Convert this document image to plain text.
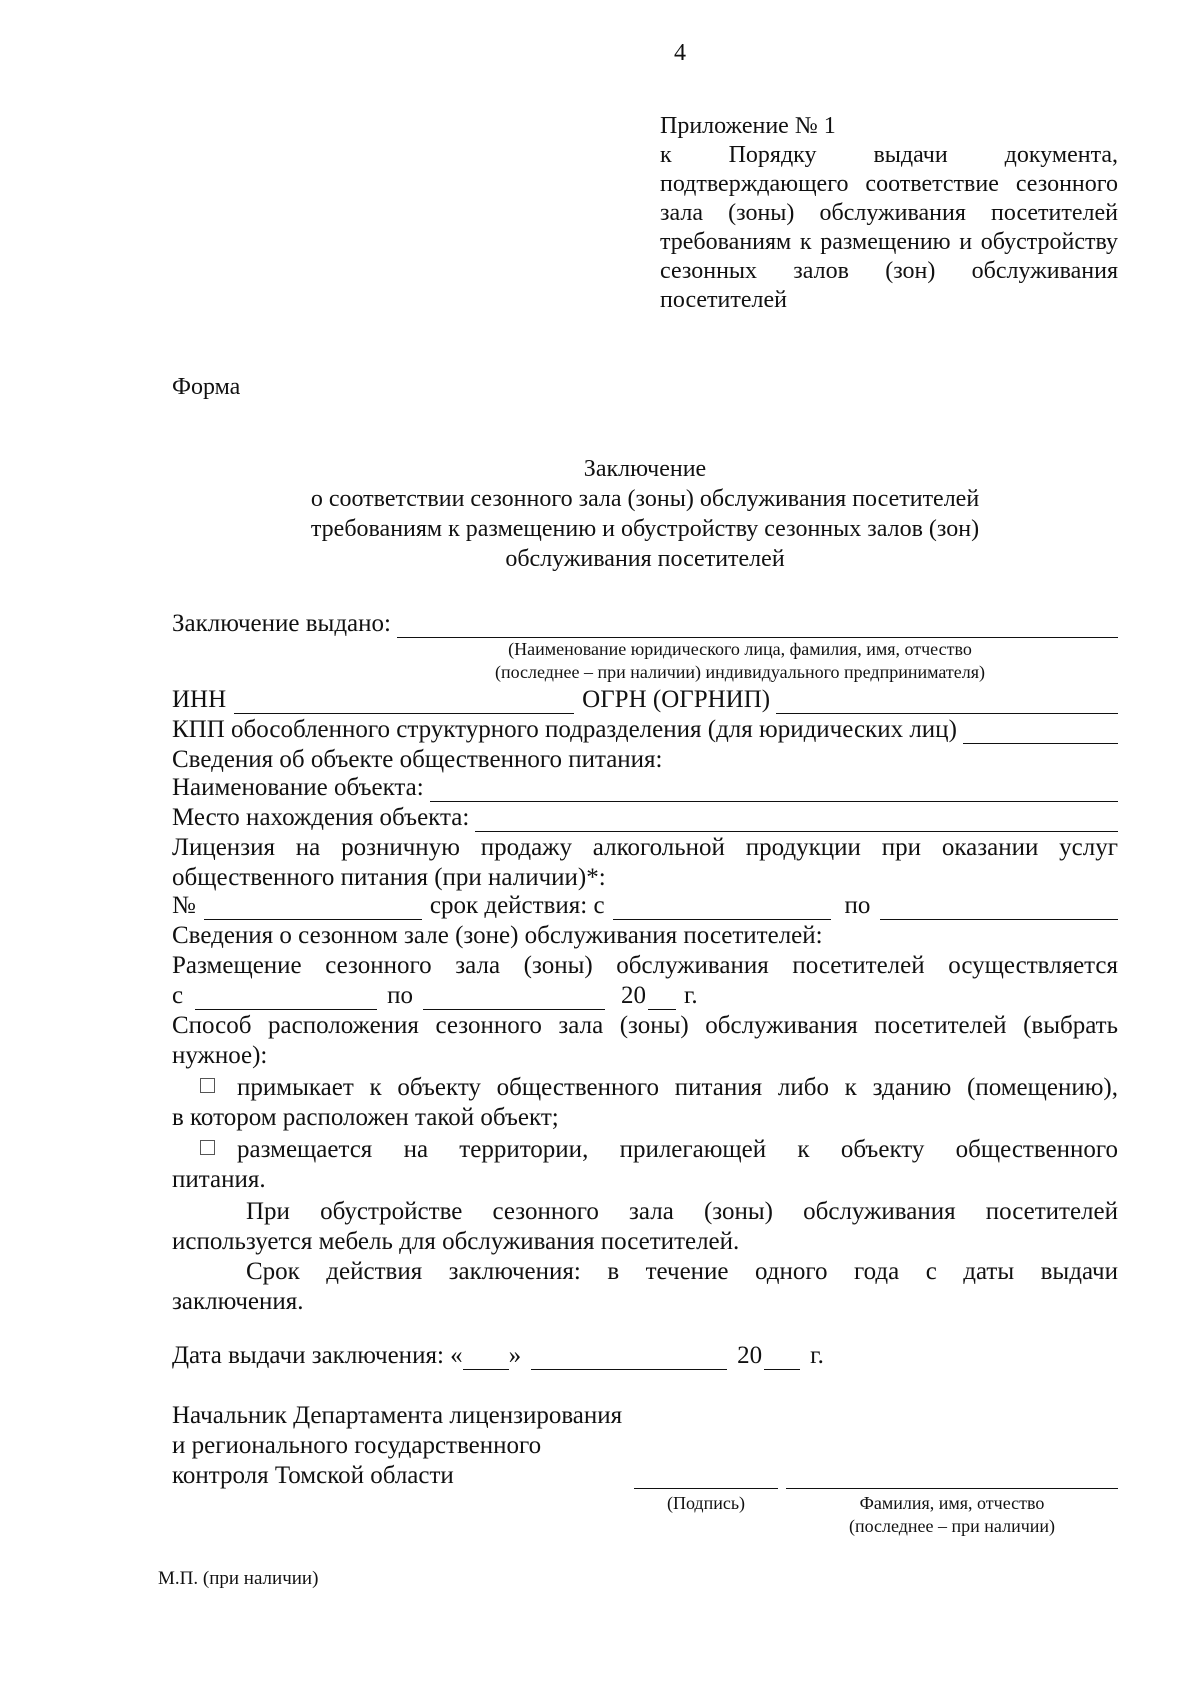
4
Приложение № 1
к Порядку выдачи документа,
подтверждающего соответствие сезонного
зала (зоны) обслуживания посетителей
требованиям к размещению и обустройству
сезонных залов (зон) обслуживания
посетителей
Форма
Заключение
о соответствии сезонного зала (зоны) обслуживания посетителей
требованиям к размещению и обустройству сезонных залов (зон)
обслуживания посетителей
Заключение выдано:
(Наименование юридического лица, фамилия, имя, отчество
(последнее – при наличии) индивидуального предпринимателя)
ИНН	ОГРН (ОГРНИП)
КПП обособленного структурного подразделения (для юридических лиц)
Сведения об объекте общественного питания:
Наименование объекта:
Место нахождения объекта:
Лицензия на розничную продажу алкогольной продукции при оказании услуг
общественного питания (при наличии)*:
№	срок действия: с	по
Сведения о сезонном зале (зоне) обслуживания посетителей:
Размещение сезонного зала (зоны) обслуживания посетителей осуществляется
с	по	20 г.
Способ расположения сезонного зала (зоны) обслуживания посетителей (выбрать
нужное):
примыкает к объекту общественного питания либо к зданию (помещению),
в котором расположен такой объект;
размещается на территории, прилегающей к объекту общественного
питания.
При обустройстве сезонного зала (зоны) обслуживания посетителей
используется мебель для обслуживания посетителей.
Срок действия заключения: в течение одного года с даты выдачи
заключения.
Дата выдачи заключения: « »	20 г.
Начальник Департамента лицензирования
и регионального государственного
контроля Томской области
(Подпись)	Фамилия, имя, отчество
(последнее – при наличии)
М.П. (при наличии)
